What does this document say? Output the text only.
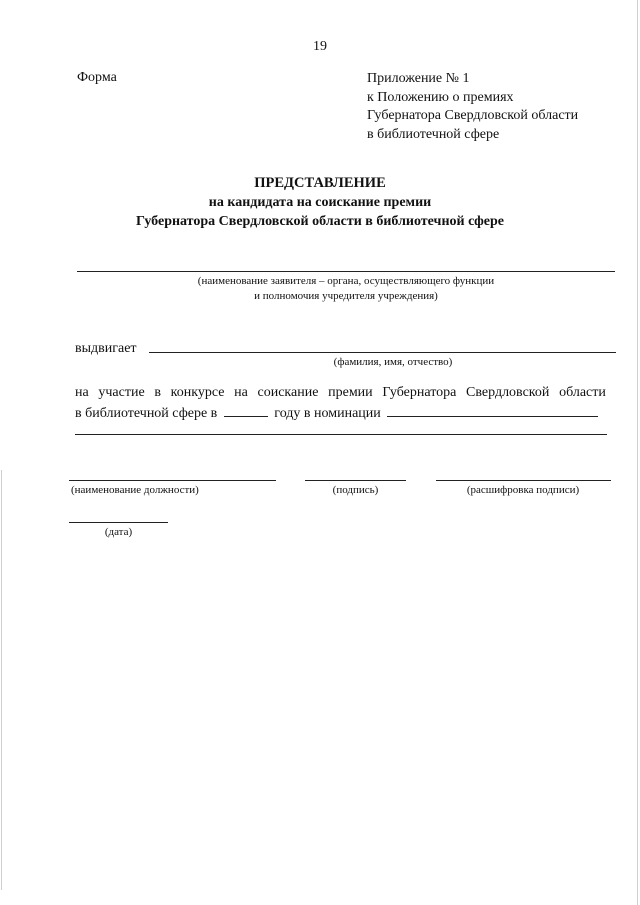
19
Форма	Приложение № 1
к Положению о премиях
Губернатора Свердловской области
в библиотечной сфере
ПРЕДСТАВЛЕНИЕ
на кандидата на соискание премии
Губернатора Свердловской области в библиотечной сфере
(наименование заявителя – органа, осуществляющего функции
и полномочия учредителя учреждения)
выдвигает
(фамилия, имя, отчество)
на участие в конкурсе на соискание премии Губернатора Свердловской области
в библиотечной сфере в	году в номинации
(наименование должности)	(подпись)	(расшифровка подписи)
(дата)
